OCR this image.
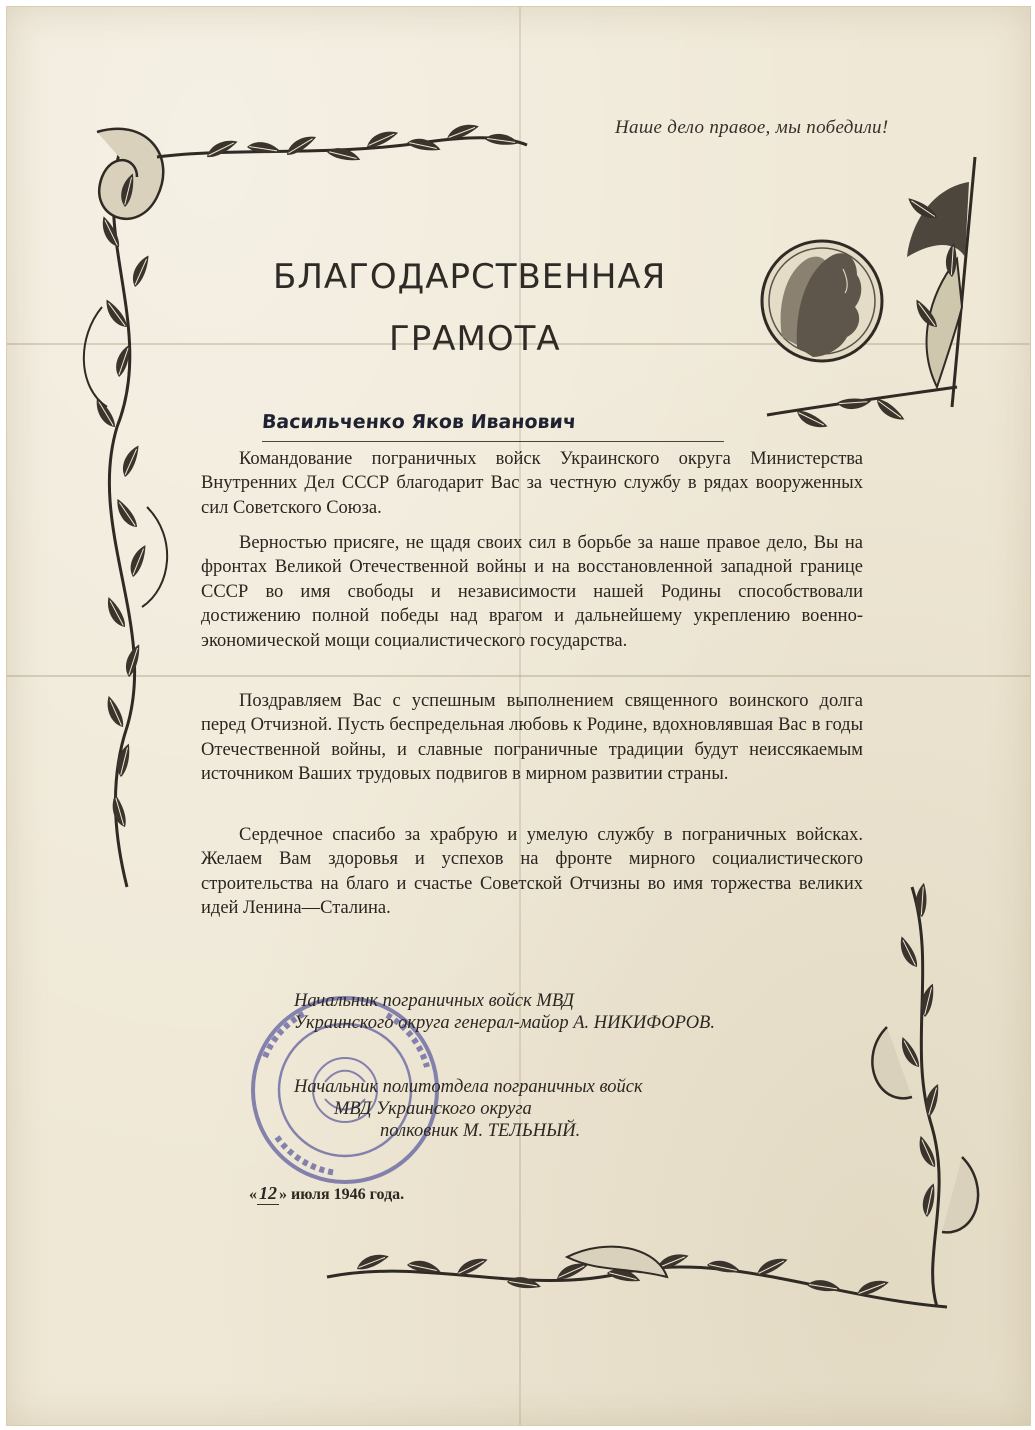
Наше дело правое, мы победили!
БЛАГОДАРСТВЕННАЯ
ГРАМОТА
Васильченко Яков Иванович

Командование пограничных войск Украинского округа Министерства Внутренних Дел СССР благодарит Вас за честную службу в рядах вооруженных сил Советского Союза.

Верностью присяге, не щадя своих сил в борьбе за наше правое дело, Вы на фронтах Великой Отечественной войны и на восстановленной западной границе СССР во имя свободы и независимости нашей Родины способствовали достижению полной победы над врагом и дальнейшему укреплению военно-экономической мощи социалистического государства.

Поздравляем Вас с успешным выполнением священного воинского долга перед Отчизной. Пусть беспредельная любовь к Родине, вдохновлявшая Вас в годы Отечественной войны, и славные пограничные традиции будут неиссякаемым источником Ваших трудовых подвигов в мирном развитии страны.

Сердечное спасибо за храбрую и умелую службу в пограничных войсках. Желаем Вам здоровья и успехов на фронте мирного социалистического строительства на благо и счастье Советской Отчизны во имя торжества великих идей Ленина—Сталина.

Начальник пограничных войск МВД
Украинского округа генерал-майор А. НИКИФОРОВ.
Начальник политотдела пограничных войск
МВД Украинского округа
полковник М. ТЕЛЬНЫЙ.
« 12 » июля 1946 года.
